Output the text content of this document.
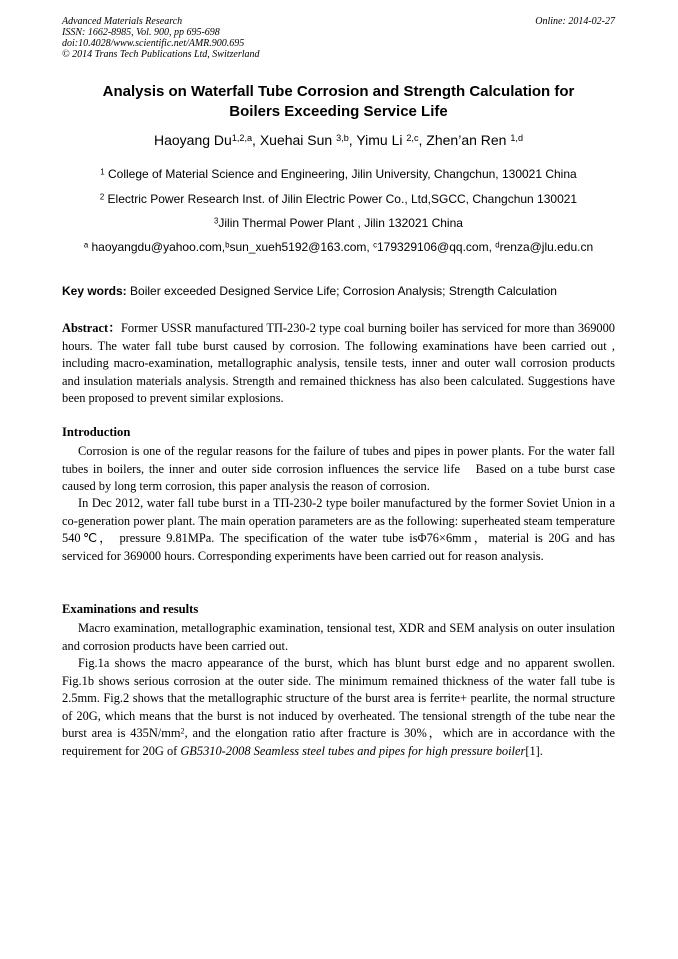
Advanced Materials Research
ISSN: 1662-8985, Vol. 900, pp 695-698
doi:10.4028/www.scientific.net/AMR.900.695
© 2014 Trans Tech Publications Ltd, Switzerland
Online: 2014-02-27
Analysis on Waterfall Tube Corrosion and Strength Calculation for
Boilers Exceeding Service Life
Haoyang Du$^{1,2,a}$, Xuehai Sun $^{3,b}$, Yimu Li $^{2,c}$, Zhen’an Ren $^{1,d}$
$^1$ College of Material Science and Engineering, Jilin University, Changchun, 130021 China
$^2$ Electric Power Research Inst. of Jilin Electric Power Co., Ltd,SGCC, Changchun 130021
$^3$Jilin Thermal Power Plant , Jilin 132021 China
$^a$ haoyangdu@yahoo.com,$^b$sun_xueh5192@163.com, $^c$179329106@qq.com, $^d$renza@jlu.edu.cn
Key words: Boiler exceeded Designed Service Life; Corrosion Analysis; Strength Calculation

Abstract：Former USSR manufactured TП-230-2 type coal burning boiler has serviced for more than 369000 hours. The water fall tube burst caused by corrosion. The following examinations have been carried out , including macro-examination, metallographic analysis, tensile tests, inner and outer wall corrosion products and insulation materials analysis. Strength and remained thickness has also been calculated. Suggestions have been proposed to prevent similar explosions.

Introduction

Corrosion is one of the regular reasons for the failure of tubes and pipes in power plants. For the water fall tubes in boilers, the inner and outer side corrosion influences the service life　Based on a tube burst case caused by long term corrosion, this paper analysis the reason of corrosion.

In Dec 2012, water fall tube burst in a TП-230-2 type boiler manufactured by the former Soviet Union in a co-generation power plant. The main operation parameters are as the following: superheated steam temperature 540℃， pressure 9.81MPa. The specification of the water tube isΦ76×6mm，material is 20G and has serviced for 369000 hours. Corresponding experiments have been carried out for reason analysis.

Examinations and results

Macro examination, metallographic examination, tensional test, XDR and SEM analysis on outer insulation and corrosion products have been carried out.

Fig.1a shows the macro appearance of the burst, which has blunt burst edge and no apparent swollen. Fig.1b shows serious corrosion at the outer side. The minimum remained thickness of the water fall tube is 2.5mm. Fig.2 shows that the metallographic structure of the burst area is ferrite+ pearlite, the normal structure of 20G, which means that the burst is not induced by overheated. The tensional strength of the tube near the burst area is $435N/mm^2$, and the elongation ratio after fracture is 30%，which are in accordance with the requirement for 20G of GB5310-2008 Seamless steel tubes and pipes for high pressure boiler[1].
